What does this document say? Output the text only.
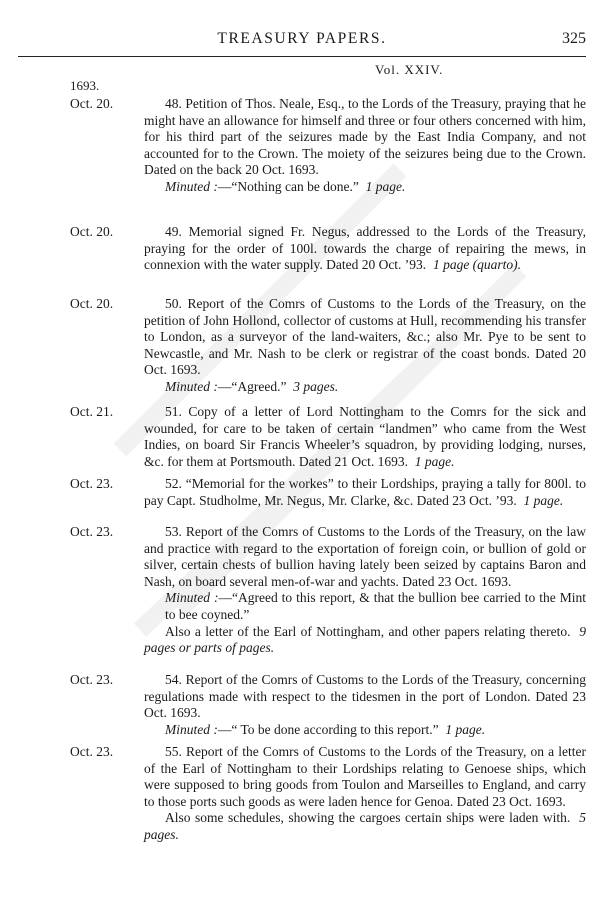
TREASURY PAPERS.	325
Vol. XXIV.
1693.
Oct. 20.	48. Petition of Thos. Neale, Esq., to the Lords of the Treasury, praying that he might have an allowance for himself and three or four others concerned with him, for his third part of the seizures made by the East India Company, and not accounted for to the Crown. The moiety of the seizures being due to the Crown. Dated on the back 20 Oct. 1693.

Minuted :—“Nothing can be done.” 1 page.

Oct. 20.	49. Memorial signed Fr. Negus, addressed to the Lords of the Treasury, praying for the order of 100l. towards the charge of repairing the mews, in connexion with the water supply. Dated 20 Oct. ’93. 1 page (quarto).

Oct. 20.	50. Report of the Comrs of Customs to the Lords of the Treasury, on the petition of John Hollond, collector of customs at Hull, recommending his transfer to London, as a surveyor of the land-waiters, &c.; also Mr. Pye to be sent to Newcastle, and Mr. Nash to be clerk or registrar of the coast bonds. Dated 20 Oct. 1693.

Minuted :—“Agreed.” 3 pages.

Oct. 21.	51. Copy of a letter of Lord Nottingham to the Comrs for the sick and wounded, for care to be taken of certain “landmen” who came from the West Indies, on board Sir Francis Wheeler’s squadron, by providing lodging, nurses, &c. for them at Portsmouth. Dated 21 Oct. 1693. 1 page.

Oct. 23.	52. “Memorial for the workes” to their Lordships, praying a tally for 800l. to pay Capt. Studholme, Mr. Negus, Mr. Clarke, &c. Dated 23 Oct. ’93. 1 page.

Oct. 23.	53. Report of the Comrs of Customs to the Lords of the Treasury, on the law and practice with regard to the exportation of foreign coin, or bullion of gold or silver, certain chests of bullion having lately been seized by captains Baron and Nash, on board several men-of-war and yachts. Dated 23 Oct. 1693.

Minuted :—“Agreed to this report, & that the bullion bee carried to the Mint to bee coyned.”

Also a letter of the Earl of Nottingham, and other papers relating thereto. 9 pages or parts of pages.

Oct. 23.	54. Report of the Comrs of Customs to the Lords of the Treasury, concerning regulations made with respect to the tidesmen in the port of London. Dated 23 Oct. 1693.

Minuted :—“ To be done according to this report.” 1 page.

Oct. 23.	55. Report of the Comrs of Customs to the Lords of the Treasury, on a letter of the Earl of Nottingham to their Lordships relating to Genoese ships, which were supposed to bring goods from Toulon and Marseilles to England, and carry to those ports such goods as were laden hence for Genoa. Dated 23 Oct. 1693.

Also some schedules, showing the cargoes certain ships were laden with. 5 pages.
